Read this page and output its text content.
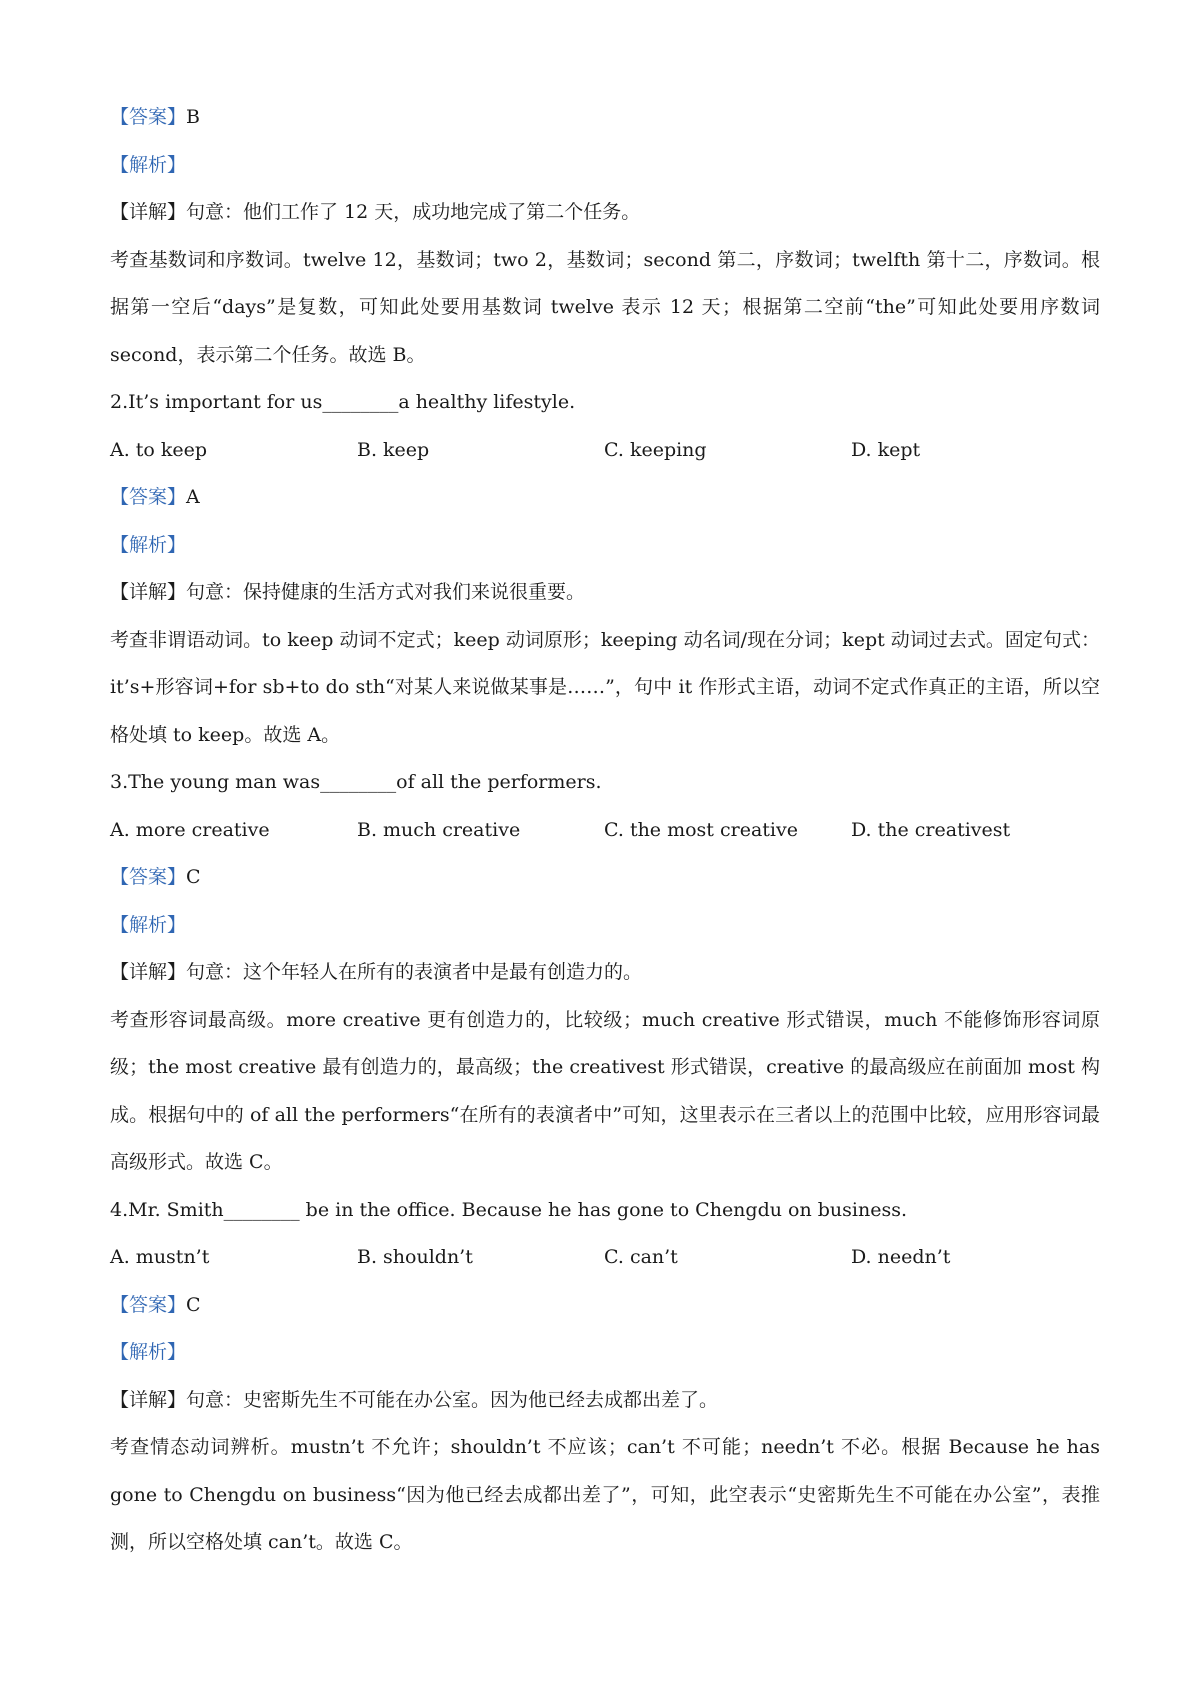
【答案】B
【解析】
【详解】句意：他们工作了 12 天，成功地完成了第二个任务。
考查基数词和序数词。twelve 12，基数词；two 2，基数词；second 第二，序数词；twelfth 第十二，序数词。根据第一空后“days”是复数，可知此处要用基数词 twelve 表示 12 天；根据第二空前“the”可知此处要用序数词 second，表示第二个任务。故选 B。
2.It’s important for us________a healthy lifestyle.
A. to keep	B. keep	C. keeping	D. kept
【答案】A
【解析】
【详解】句意：保持健康的生活方式对我们来说很重要。
考查非谓语动词。to keep 动词不定式；keep 动词原形；keeping 动名词/现在分词；kept 动词过去式。固定句式：it’s+形容词+for sb+to do sth“对某人来说做某事是……”，句中 it 作形式主语，动词不定式作真正的主语，所以空格处填 to keep。故选 A。
3.The young man was________of all the performers.
A. more creative	B. much creative	C. the most creative	D. the creativest
【答案】C
【解析】
【详解】句意：这个年轻人在所有的表演者中是最有创造力的。
考查形容词最高级。more creative 更有创造力的，比较级；much creative 形式错误，much 不能修饰形容词原级；the most creative 最有创造力的，最高级；the creativest 形式错误，creative 的最高级应在前面加 most 构成。根据句中的 of all the performers“在所有的表演者中”可知，这里表示在三者以上的范围中比较，应用形容词最高级形式。故选 C。
4.Mr. Smith________ be in the office. Because he has gone to Chengdu on business.
A. mustn’t	B. shouldn’t	C. can’t	D. needn’t
【答案】C
【解析】
【详解】句意：史密斯先生不可能在办公室。因为他已经去成都出差了。
考查情态动词辨析。mustn’t 不允许；shouldn’t 不应该；can’t 不可能；needn’t 不必。根据 Because he has gone to Chengdu on business“因为他已经去成都出差了”，可知，此空表示“史密斯先生不可能在办公室”，表推测，所以空格处填 can’t。故选 C。
